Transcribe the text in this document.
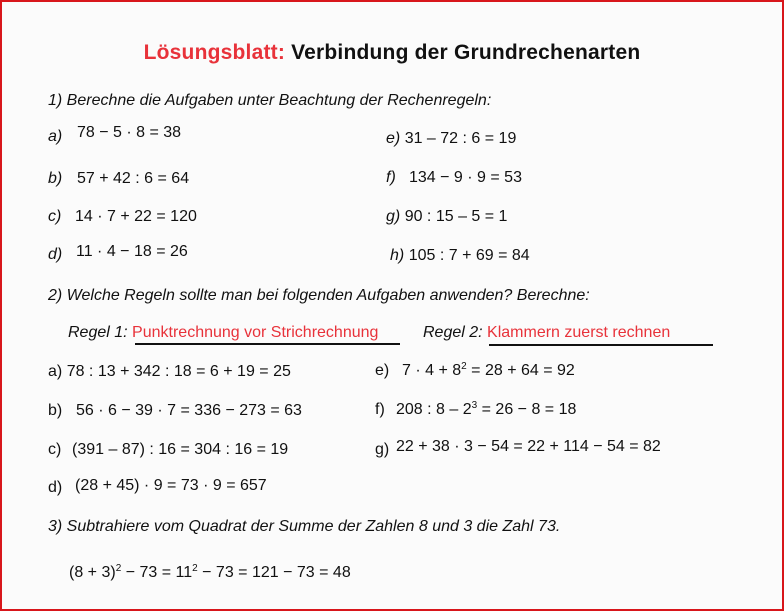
Lösungsblatt: Verbindung der Grundrechenarten
1) Berechne die Aufgaben unter Beachtung der Rechenregeln:
a) 78 − 5 · 8 = 38
b) 57 + 42 : 6 = 64
c) 14 · 7 + 22 = 120
d) 11 · 4 − 18 = 26
e) 31 – 72 : 6 = 19
f) 134 − 9 · 9 = 53
g) 90 : 15 – 5 = 1
h) 105 : 7 + 69 = 84
2) Welche Regeln sollte man bei folgenden Aufgaben anwenden? Berechne:
Regel 1: Punktrechnung vor Strichrechnung	Regel 2: Klammern zuerst rechnen
a) 78 : 13 + 342 : 18 = 6 + 19 = 25
b) 56 · 6 − 39 · 7 = 336 − 273 = 63
c) (391 – 87) : 16 = 304 : 16 = 19
d) (28 + 45) · 9 = 73 · 9 = 657
e) $7 \cdot 4 + 8^2 = 28 + 64 = 92$
f) 208 : $8 - 2^3 = 26 - 8 = 18$
g) 22 + 38 · 3 − 54 = 22 + 114 − 54 = 82
3) Subtrahiere vom Quadrat der Summe der Zahlen 8 und 3 die Zahl 73.
$(8 + 3)^2 - 73 = 11^2 - 73 = 121 - 73 = 48$
